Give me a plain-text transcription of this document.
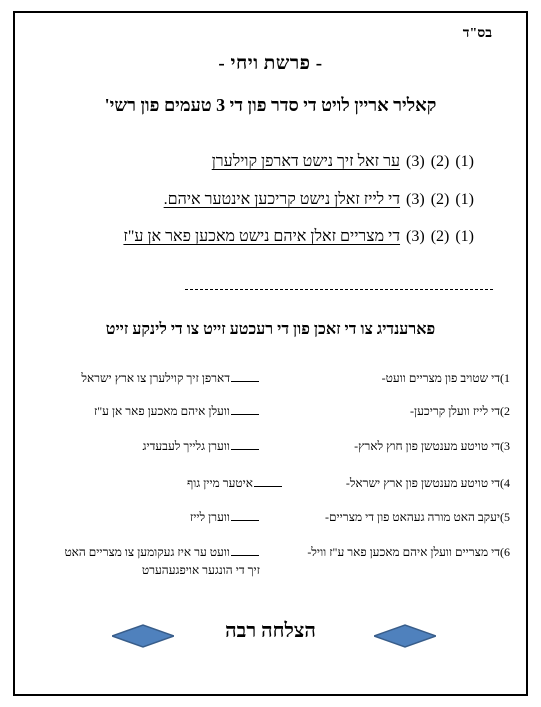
בס"ד
- פרשת ויחי -
קאליר אריין לויט די סדר פון די 3 טעמים פון רשי'
(1)
(2)
(3)
ער זאל זיך נישט דארפן קוילערן
(1)
(2)
(3)
די לייז זאלן נישט קריכען אינטער איהם.
(1)
(2)
(3)
די מצריים זאלן איהם נישט מאכען פאר אן ע"ז
פארענדיג צו די זאכן פון די רעכטע זייט צו די לינקע זייט
1)די שטויב פון מצריים וועט-
2)די לייז וועלן קריכען-
3)די טויטע מענטשן פון חוץ לארץ-
4)די טויטע מענטשן פון ארץ ישראל-
5)יעקב האט מורה געהאט פון די מצריים-
6)די מצריים וועלן איהם מאכען פאר ע"ז וויל-
דארפן זיך קוילערן צו ארץ ישראל
וועלן איהם מאכען פאר אן ע"ז
ווערן גלייך לעבעדיג
איטער מיין גוף
ווערן לייז
וועט ער איז געקומען צו מצריים האט
זיך די הונגער אויפגעהערט
הצלחה רבה
